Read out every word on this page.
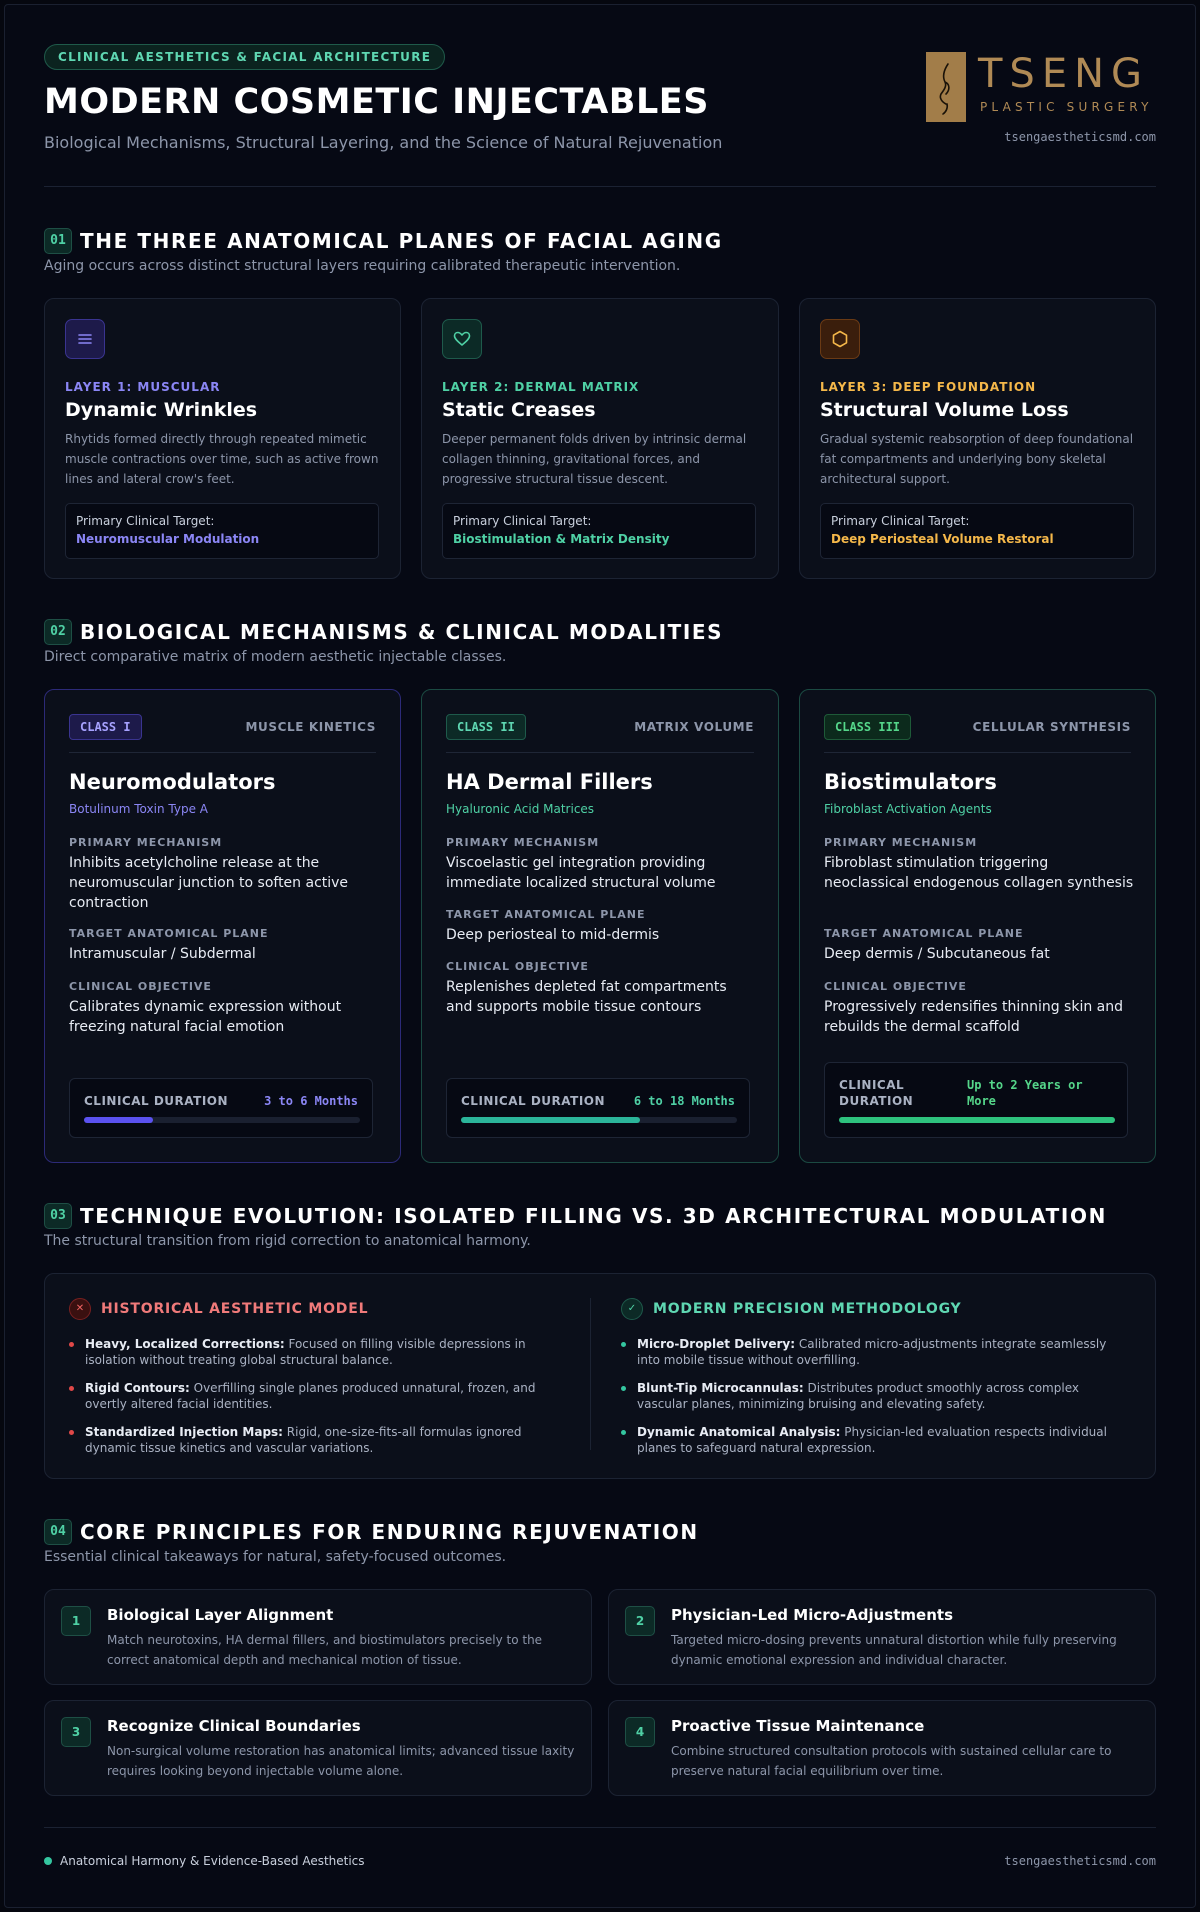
CLINICAL AESTHETICS & FACIAL ARCHITECTURE
MODERN COSMETIC INJECTABLES
Biological Mechanisms, Structural Layering, and the Science of Natural Rejuvenation
TSENG
PLASTIC SURGERY
tsengaestheticsmd.com
01 THE THREE ANATOMICAL PLANES OF FACIAL AGING
Aging occurs across distinct structural layers requiring calibrated therapeutic intervention.
LAYER 1: MUSCULAR
Dynamic Wrinkles
Rhytids formed directly through repeated mimetic muscle contractions over time, such as active frown lines and lateral crow's feet.
Primary Clinical Target:
Neuromuscular Modulation
LAYER 2: DERMAL MATRIX
Static Creases
Deeper permanent folds driven by intrinsic dermal collagen thinning, gravitational forces, and progressive structural tissue descent.
Primary Clinical Target:
Biostimulation & Matrix Density
LAYER 3: DEEP FOUNDATION
Structural Volume Loss
Gradual systemic reabsorption of deep foundational fat compartments and underlying bony skeletal architectural support.
Primary Clinical Target:
Deep Periosteal Volume Restoral
02 BIOLOGICAL MECHANISMS & CLINICAL MODALITIES
Direct comparative matrix of modern aesthetic injectable classes.
CLASS I	MUSCLE KINETICS
Neuromodulators
Botulinum Toxin Type A
PRIMARY MECHANISM
Inhibits acetylcholine release at the neuromuscular junction to soften active contraction
TARGET ANATOMICAL PLANE
Intramuscular / Subdermal
CLINICAL OBJECTIVE
Calibrates dynamic expression without freezing natural facial emotion
CLINICAL DURATION	3 to 6 Months
CLASS II	MATRIX VOLUME
HA Dermal Fillers
Hyaluronic Acid Matrices
PRIMARY MECHANISM
Viscoelastic gel integration providing immediate localized structural volume
TARGET ANATOMICAL PLANE
Deep periosteal to mid-dermis
CLINICAL OBJECTIVE
Replenishes depleted fat compartments and supports mobile tissue contours
CLINICAL DURATION 6 to 18 Months
CLASS III	CELLULAR SYNTHESIS
Biostimulators
Fibroblast Activation Agents
PRIMARY MECHANISM
Fibroblast stimulation triggering neoclassical endogenous collagen synthesis
TARGET ANATOMICAL PLANE
Deep dermis / Subcutaneous fat
CLINICAL OBJECTIVE
Progressively redensifies thinning skin and rebuilds the dermal scaffold
CLINICAL DURATION
Up to 2 Years or More
03 TECHNIQUE EVOLUTION: ISOLATED FILLING VS. 3D ARCHITECTURAL MODULATION
The structural transition from rigid correction to anatomical harmony.
✕	HISTORICAL AESTHETIC MODEL
Heavy, Localized Corrections: Focused on filling visible depressions in isolation without treating global structural balance.
Rigid Contours: Overfilling single planes produced unnatural, frozen, and overtly altered facial identities.
Standardized Injection Maps: Rigid, one-size-fits-all formulas ignored dynamic tissue kinetics and vascular variations.
✓	MODERN PRECISION METHODOLOGY
Micro-Droplet Delivery: Calibrated micro-adjustments integrate seamlessly into mobile tissue without overfilling.
Blunt-Tip Microcannulas: Distributes product smoothly across complex vascular planes, minimizing bruising and elevating safety.
Dynamic Anatomical Analysis: Physician-led evaluation respects individual planes to safeguard natural expression.
04 CORE PRINCIPLES FOR ENDURING REJUVENATION
Essential clinical takeaways for natural, safety-focused outcomes.
1	Biological Layer Alignment
Match neurotoxins, HA dermal fillers, and biostimulators precisely to the correct anatomical depth and mechanical motion of tissue.
2	Physician-Led Micro-Adjustments
Targeted micro-dosing prevents unnatural distortion while fully preserving dynamic emotional expression and individual character.
3	Recognize Clinical Boundaries
Non-surgical volume restoration has anatomical limits; advanced tissue laxity requires looking beyond injectable volume alone.
4	Proactive Tissue Maintenance
Combine structured consultation protocols with sustained cellular care to preserve natural facial equilibrium over time.
Anatomical Harmony & Evidence-Based Aesthetics	tsengaestheticsmd.com
